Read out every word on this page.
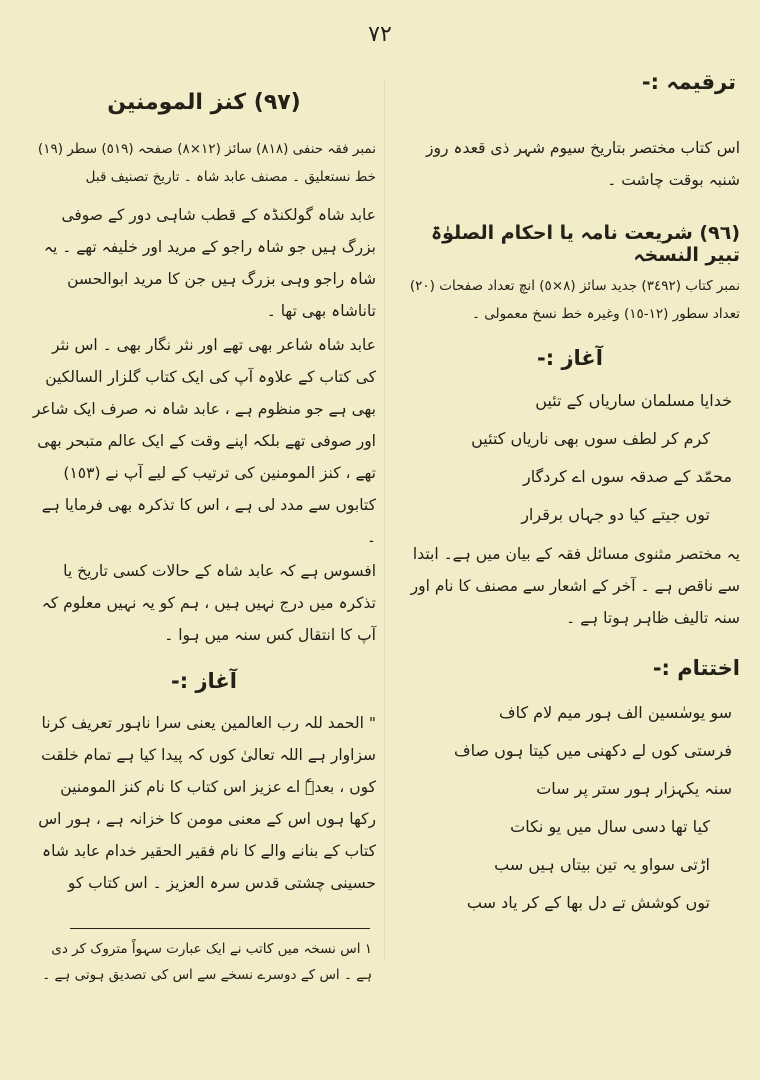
٧٢

ترقیمہ :-

اس کتاب مختصر بتاریخ سیوم شہر ذی قعدہ روز شنبہ بوقت چاشت ۔

(٩٦) شریعت نامہ یا احکام الصلوٰۃ تبیر النسخہ

نمبر کتاب (٣٤٩٢) جدید سائز (٨×٥) انچ تعداد صفحات (٢٠)

تعداد سطور (١٢-١٥) وغیرہ خط نسخ معمولی ۔

آغاز :-

خدایا مسلمان ساریاں کے تئیں

کرم کر لطف سوں بھی ناریاں کتئیں

محمّد کے صدقہ سوں اے کردگار

توں جیتے کیا دو جہاں برقرار

یہ مختصر مثنوی مسائل فقہ کے بیان میں ہے۔ ابتدا سے ناقص ہے ۔ آخر کے اشعار سے مصنف کا نام اور سنہ تالیف ظاہر ہوتا ہے ۔

اختتام :-

سو یوسٰسین الف ہور میم لام کاف

فرستی کوں لے دکھنی میں کیتا ہوں صاف

سنہ یکہزار ہور ستر پر سات

کیا تھا دسی سال میں یو نکات

اڑتی سواو یہ تین بیتاں ہیں سب

توں کوشش تے دل بھا کے کر یاد سب

(٩٧) کنز المومنین

نمبر فقہ حنفی (٨١٨) سائز (١٢×٨) صفحہ (٥١٩) سطر (١٩)

خط نستعلیق ۔ مصنف عابد شاہ ۔ تاریخ تصنیف قبل

عابد شاہ گولکنڈہ کے قطب شاہی دور کے صوفی بزرگ ہیں جو شاہ راجو کے مرید اور خلیفہ تھے ۔ یہ شاہ راجو وہی بزرگ ہیں جن کا مرید ابوالحسن تاناشاہ بھی تھا ۔

عابد شاہ شاعر بھی تھے اور نثر نگار بھی ۔ اس نثر کی کتاب کے علاوہ آپ کی ایک کتاب گلزار السالکین بھی ہے جو منظوم ہے ، عابد شاہ نہ صرف ایک شاعر اور صوفی تھے بلکہ اپنے وقت کے ایک عالم متبحر بھی تھے ، کنز المومنین کی ترتیب کے لیے آپ نے (١٥٣) کتابوں سے مدد لی ہے ، اس کا تذکرہ بھی فرمایا ہے ۔

افسوس ہے کہ عابد شاہ کے حالات کسی تاریخ یا تذکرہ میں درج نہیں ہیں ، ہم کو یہ نہیں معلوم کہ آپ کا انتقال کس سنہ میں ہوا ۔

آغاز :-

" الحمد للہ رب العالمین یعنی سرا ناہور تعریف کرنا سزاوار ہے اللہ تعالیٰ کوں کہ پیدا کیا ہے تمام خلقت کوں ، بعدہٗ اے عزیز اس کتاب کا نام کنز المومنین رکھا ہوں اس کے معنی مومن کا خزانہ ہے ، ہور اس کتاب کے بنانے والے کا نام فقیر الحقیر خدام عابد شاہ حسینی چشتی قدس سرہ العزیز ۔ اس کتاب کو

١ اس نسخہ میں کاتب نے ایک عبارت سہواً متروک کر دی ہے ۔ اس کے دوسرے نسخے سے اس کی تصدیق ہوتی ہے ۔
